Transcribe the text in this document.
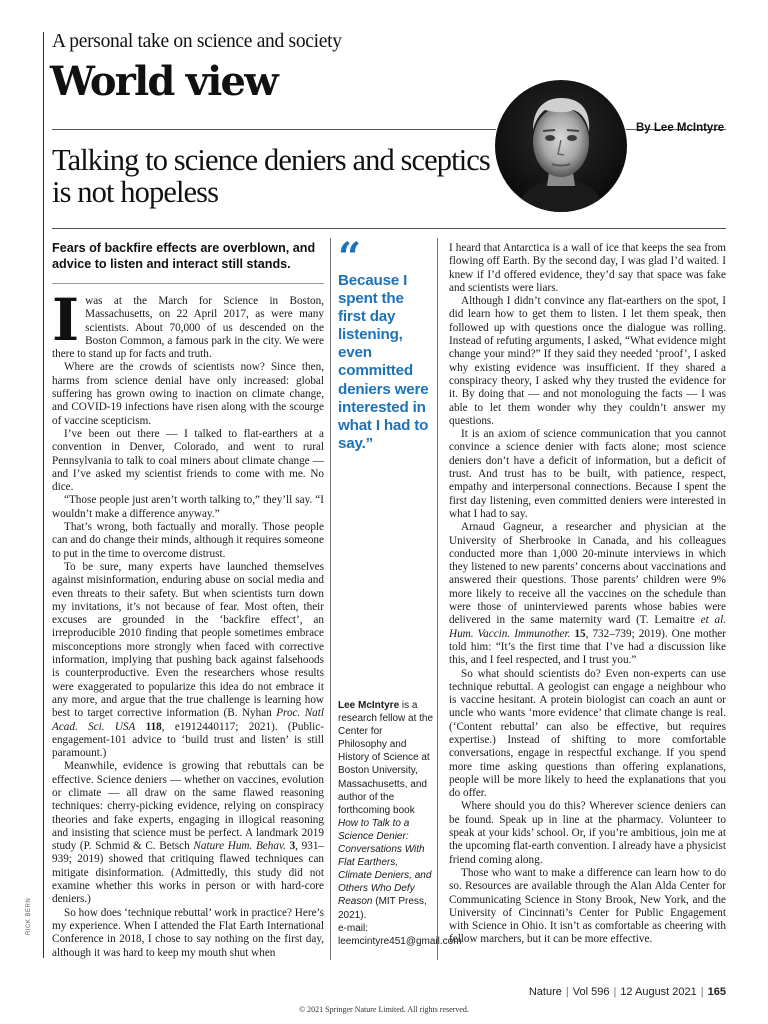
A personal take on science and society
World view
By Lee McIntyre
Talking to science deniers and sceptics is not hopeless
Fears of backfire effects are overblown, and advice to listen and interact still stands.

Iwas at the March for Science in Boston, Massachusetts, on 22 April 2017, as were many scientists. About 70,000 of us descended on the Boston Common, a famous park in the city. We were there to stand up for facts and truth.

Where are the crowds of scientists now? Since then, harms from science denial have only increased: global suffering has grown owing to inaction on climate change, and COVID-19 infections have risen along with the scourge of vaccine scepticism.

I’ve been out there — I talked to flat-earthers at a convention in Denver, Colorado, and went to rural Pennsylvania to talk to coal miners about climate change — and I’ve asked my scientist friends to come with me. No dice.

“Those people just aren’t worth talking to,” they’ll say. “I wouldn’t make a difference anyway.”

That’s wrong, both factually and morally. Those people can and do change their minds, although it requires someone to put in the time to overcome distrust.

To be sure, many experts have launched themselves against misinformation, enduring abuse on social media and even threats to their safety. But when scientists turn down my invitations, it’s not because of fear. Most often, their excuses are grounded in the ‘backfire effect’, an irreproducible 2010 finding that people sometimes embrace misconceptions more strongly when faced with corrective information, implying that pushing back against falsehoods is counterproductive. Even the researchers whose results were exaggerated to popularize this idea do not embrace it any more, and argue that the true challenge is learning how best to target corrective information (B. Nyhan Proc. Natl Acad. Sci. USA 118, e1912440117; 2021). (Public-engagement-101 advice to ‘build trust and listen’ is still paramount.)

Meanwhile, evidence is growing that rebuttals can be effective. Science deniers — whether on vaccines, evolution or climate — all draw on the same flawed reasoning techniques: cherry-picking evidence, relying on conspiracy theories and fake experts, engaging in illogical reasoning and insisting that science must be perfect. A landmark 2019 study (P. Schmid & C. Betsch Nature Hum. Behav. 3, 931–939; 2019) showed that critiquing flawed techniques can mitigate disinformation. (Admittedly, this study did not examine whether this works in person or with hard-core deniers.)

So how does ‘technique rebuttal’ work in practice? Here’s my experience. When I attended the Flat Earth International Conference in 2018, I chose to say nothing on the first day, although it was hard to keep my mouth shut when

“
Because I spent the first day listening, even committed deniers were interested in what I had to say.”
Lee McIntyre is a research fellow at the Center for Philosophy and History of Science at Boston University, Massachusetts, and author of the forthcoming book How to Talk to a Science Denier: Conversations With Flat Earthers, Climate Deniers, and Others Who Defy Reason (MIT Press, 2021).
e-mail: leemcintyre451@gmail.com

I heard that Antarctica is a wall of ice that keeps the sea from flowing off Earth. By the second day, I was glad I’d waited. I knew if I’d offered evidence, they’d say that space was fake and scientists were liars.

Although I didn’t convince any flat-earthers on the spot, I did learn how to get them to listen. I let them speak, then followed up with questions once the dialogue was rolling. Instead of refuting arguments, I asked, “What evidence might change your mind?” If they said they needed ‘proof’, I asked why existing evidence was insufficient. If they shared a conspiracy theory, I asked why they trusted the evidence for it. By doing that — and not monologuing the facts — I was able to let them wonder why they couldn’t answer my questions.

It is an axiom of science communication that you cannot convince a science denier with facts alone; most science deniers don’t have a deficit of information, but a deficit of trust. And trust has to be built, with patience, respect, empathy and interpersonal connections. Because I spent the first day listening, even committed deniers were interested in what I had to say.

Arnaud Gagneur, a researcher and physician at the University of Sherbrooke in Canada, and his colleagues conducted more than 1,000 20-minute interviews in which they listened to new parents’ concerns about vaccinations and answered their questions. Those parents’ children were 9% more likely to receive all the vaccines on the schedule than were those of uninterviewed parents whose babies were delivered in the same maternity ward (T. Lemaitre et al. Hum. Vaccin. Immunother. 15, 732–739; 2019). One mother told him: “It’s the first time that I’ve had a discussion like this, and I feel respected, and I trust you.”

So what should scientists do? Even non-experts can use technique rebuttal. A geologist can engage a neighbour who is vaccine hesitant. A protein biologist can coach an aunt or uncle who wants ‘more evidence’ that climate change is real. (‘Content rebuttal’ can also be effective, but requires expertise.) Instead of shifting to more comfortable conversations, engage in respectful exchange. If you spend more time asking questions than offering explanations, people will be more likely to heed the explanations that you do offer.

Where should you do this? Wherever science deniers can be found. Speak up in line at the pharmacy. Volunteer to speak at your kids’ school. Or, if you’re ambitious, join me at the upcoming flat-earth convention. I already have a physicist friend coming along.

Those who want to make a difference can learn how to do so. Resources are available through the Alan Alda Center for Communicating Science in Stony Brook, New York, and the University of Cincinnati’s Center for Public Engagement with Science in Ohio. It isn’t as comfortable as cheering with fellow marchers, but it can be more effective.

RICK BERN
Nature | Vol 596 | 12 August 2021 | 165
© 2021 Springer Nature Limited. All rights reserved.
